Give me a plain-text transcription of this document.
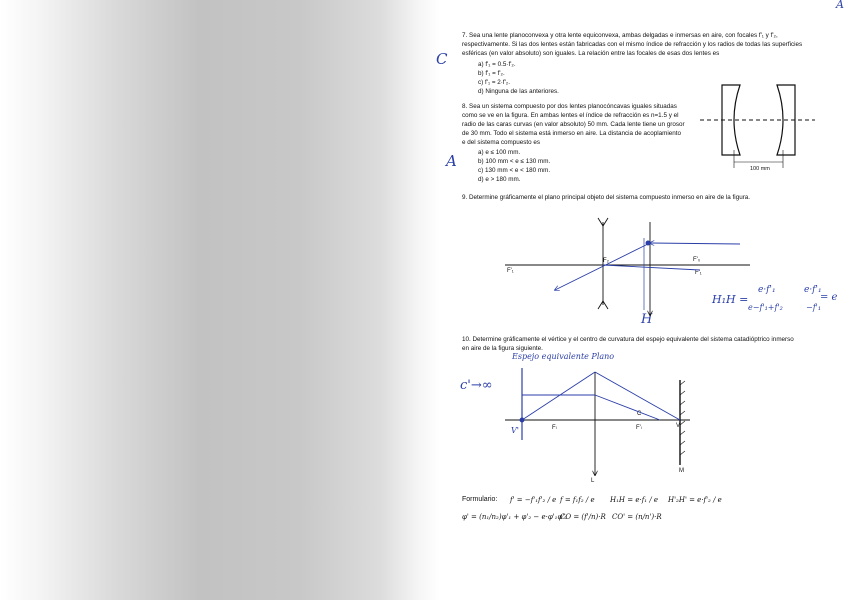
A
7. Sea una lente planoconvexa y otra lente equiconvexa, ambas delgadas e inmersas en aire, con focales f'₁ y f'₂,
respectivamente. Si las dos lentes están fabricadas con el mismo índice de refracción y los radios de todas las superficies
esféricas (en valor absoluto) son iguales. La relación entre las focales de esas dos lentes es
a) f'₁ = 0.5·f'₂.
b) f'₁ = f'₂.
c) f'₁ = 2·f'₂.
d) Ninguna de las anteriores.
C
8. Sea un sistema compuesto por dos lentes planocóncavas iguales situadas
como se ve en la figura. En ambas lentes el índice de refracción es n=1.5 y el
radio de las caras curvas (en valor absoluto) 50 mm. Cada lente tiene un grosor
de 30 mm. Todo el sistema está inmerso en aire. La distancia de acoplamiento
e del sistema compuesto es
a) e ≤ 100 mm.
b) 100 mm < e ≤ 130 mm.
c) 130 mm < e < 180 mm.
d) e > 180 mm.
A	100 mm
9. Determine gráficamente el plano principal objeto del sistema compuesto inmerso en aire de la figura.
F'₁
F₂	F'₀
F'₁
H
H₁H =
e·f'₁
e−f'₁+f'₂
e·f'₁
−f'₁
= e
10. Determine gráficamente el vértice y el centro de curvatura del espejo equivalente del sistema catadióptrico inmerso
en aire de la figura siguiente.
C
F'ₗ
Fₗ	V
L
M
Espejo equivalente Plano
c'→∞
V'
Formulario: f' = −f'₁f'₂ / e f = f₁f₂ / e H₁H = e·f₁ / e H'₂H' = e·f'₂ / e
φ' = (n₁/n₂)φ'₁ + φ'₂ − e·φ'₁φ'₂
CO = (f'/n)·R CO' = (n/n')·R
